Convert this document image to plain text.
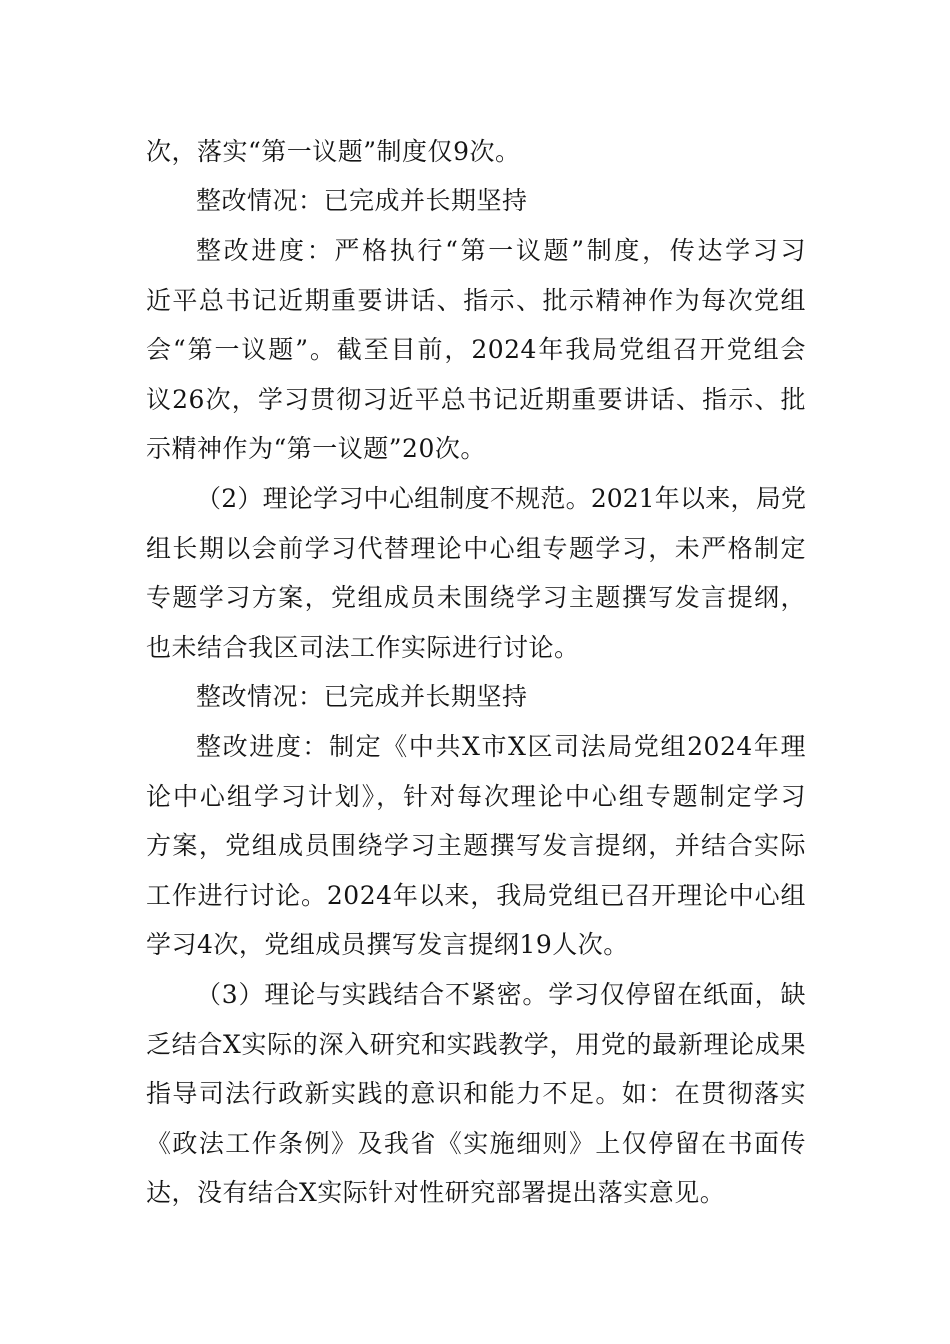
次，落实“第一议题”制度仅9次。
整改情况：已完成并长期坚持
整改进度：严格执行“第一议题”制度，传达学习习
近平总书记近期重要讲话、指示、批示精神作为每次党组
会“第一议题”。截至目前，2024年我局党组召开党组会
议26次，学习贯彻习近平总书记近期重要讲话、指示、批
示精神作为“第一议题”20次。
（2）理论学习中心组制度不规范。2021年以来，局党
组长期以会前学习代替理论中心组专题学习，未严格制定
专题学习方案，党组成员未围绕学习主题撰写发言提纲，
也未结合我区司法工作实际进行讨论。
整改情况：已完成并长期坚持
整改进度：制定《中共X市X区司法局党组2024年理
论中心组学习计划》，针对每次理论中心组专题制定学习
方案，党组成员围绕学习主题撰写发言提纲，并结合实际
工作进行讨论。2024年以来，我局党组已召开理论中心组
学习4次，党组成员撰写发言提纲19人次。
（3）理论与实践结合不紧密。学习仅停留在纸面，缺
乏结合X实际的深入研究和实践教学，用党的最新理论成果
指导司法行政新实践的意识和能力不足。如：在贯彻落实
《政法工作条例》及我省《实施细则》上仅停留在书面传
达，没有结合X实际针对性研究部署提出落实意见。
